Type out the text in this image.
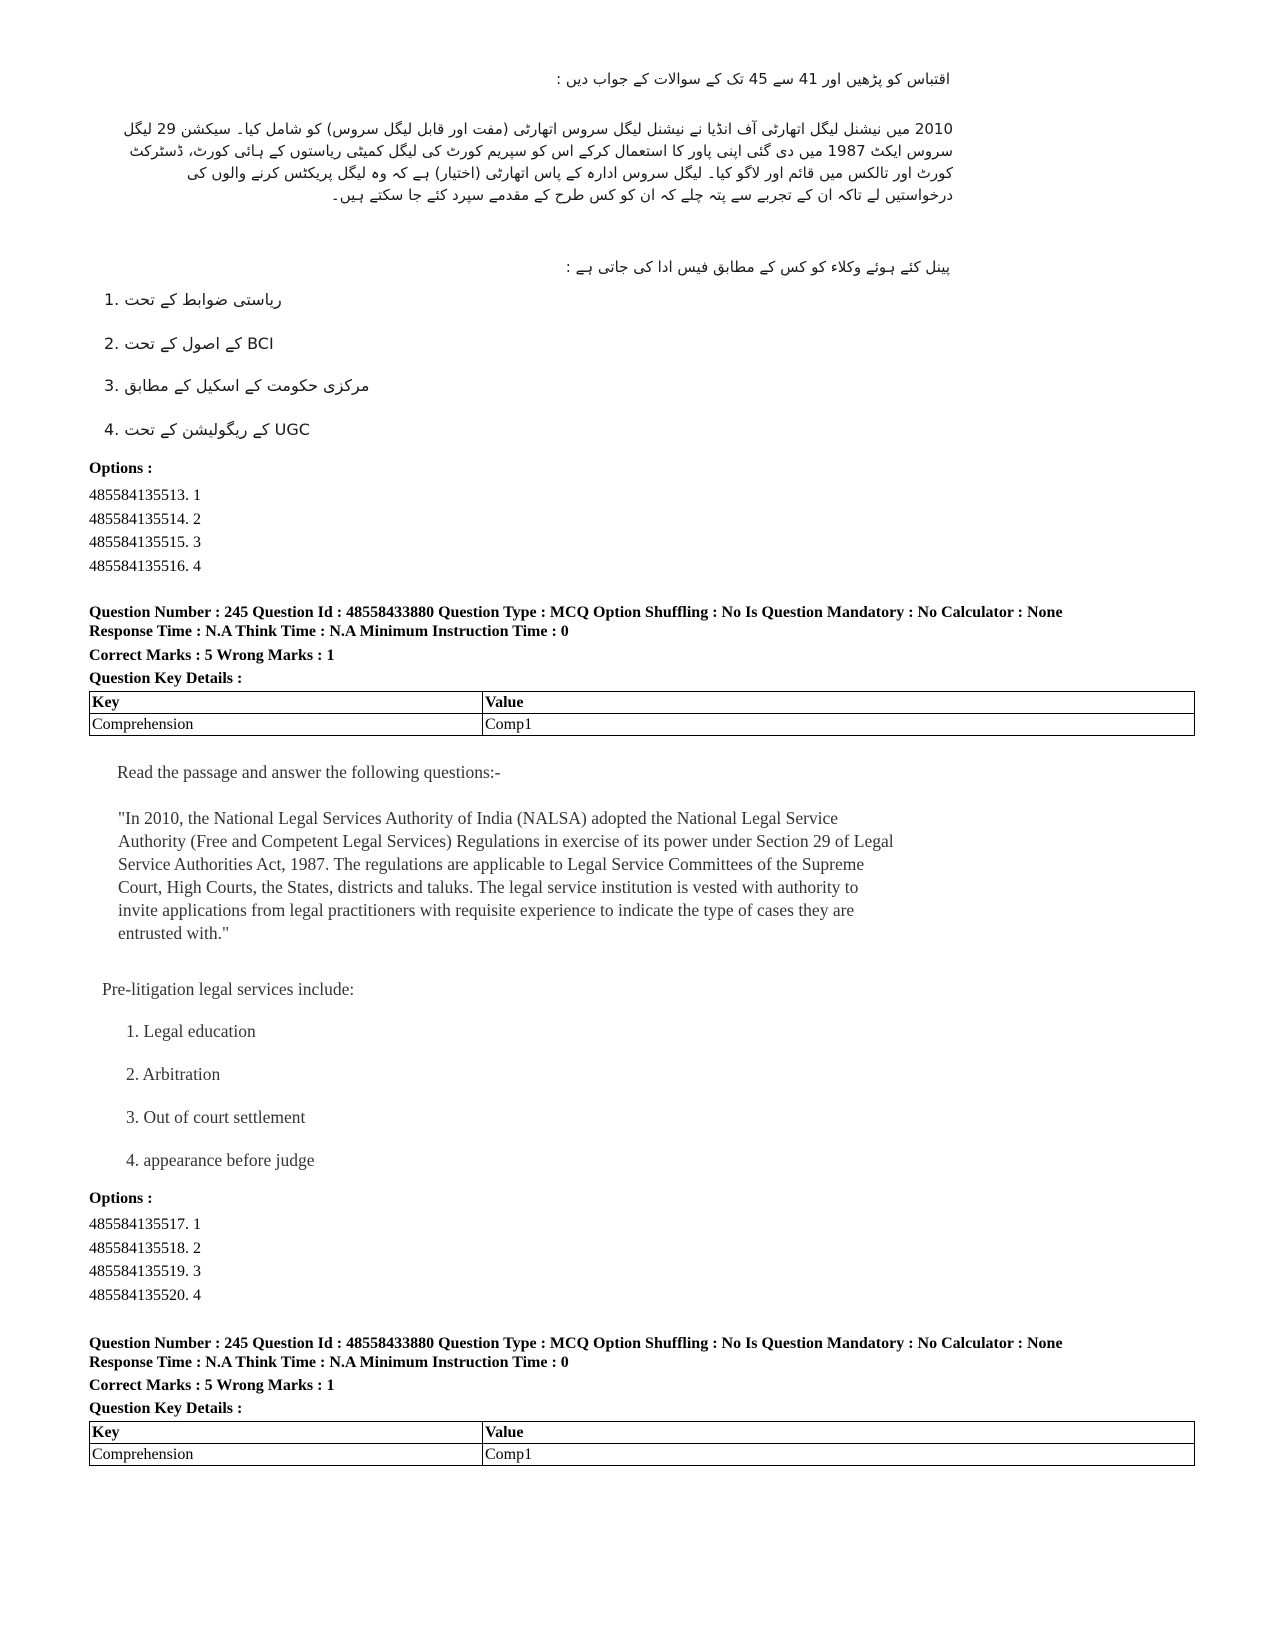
اقتباس کو پڑھیں اور 41 سے 45 تک کے سوالات کے جواب دیں :

2010 میں نیشنل لیگل اتھارٹی آف انڈیا نے نیشنل لیگل سروس اتھارٹی (مفت اور قابل لیگل سروس) کو شامل کیا۔ سیکشن 29 لیگل

سروس ایکٹ 1987 میں دی گئی اپنی پاور کا استعمال کرکے اس کو سپریم کورٹ کی لیگل کمیٹی ریاستوں کے ہائی کورٹ، ڈسٹرکٹ

کورٹ اور تالکس میں قائم اور لاگو کیا۔ لیگل سروس ادارہ کے پاس اتھارٹی (اختیار) ہے کہ وہ لیگل پریکٹس کرنے والوں کی

درخواستیں لے تاکہ ان کے تجربے سے پتہ چلے کہ ان کو کس طرح کے مقدمے سپرد کئے جا سکتے ہیں۔

پینل کئے ہوئے وکلاء کو کس کے مطابق فیس ادا کی جاتی ہے :
1. ریاستی ضوابط کے تحت
2. BCI کے اصول کے تحت
3. مرکزی حکومت کے اسکیل کے مطابق
4. UGC کے ریگولیشن کے تحت
Options :
485584135513. 1
485584135514. 2
485584135515. 3
485584135516. 4
Question Number : 245 Question Id : 48558433880 Question Type : MCQ Option Shuffling : No Is Question Mandatory : No Calculator : None
Response Time : N.A Think Time : N.A Minimum Instruction Time : 0
Correct Marks : 5 Wrong Marks : 1
Question Key Details :
Key	Value
Comprehension	Comp1
Read the passage and answer the following questions:-

"In 2010, the National Legal Services Authority of India (NALSA) adopted the National Legal Service

Authority (Free and Competent Legal Services) Regulations in exercise of its power under Section 29 of Legal

Service Authorities Act, 1987. The regulations are applicable to Legal Service Committees of the Supreme

Court, High Courts, the States, districts and taluks. The legal service institution is vested with authority to

invite applications from legal practitioners with requisite experience to indicate the type of cases they are

entrusted with."

Pre-litigation legal services include:
1. Legal education
2. Arbitration
3. Out of court settlement
4. appearance before judge
Options :
485584135517. 1
485584135518. 2
485584135519. 3
485584135520. 4
Question Number : 245 Question Id : 48558433880 Question Type : MCQ Option Shuffling : No Is Question Mandatory : No Calculator : None
Response Time : N.A Think Time : N.A Minimum Instruction Time : 0
Correct Marks : 5 Wrong Marks : 1
Question Key Details :
Key	Value
Comprehension	Comp1
